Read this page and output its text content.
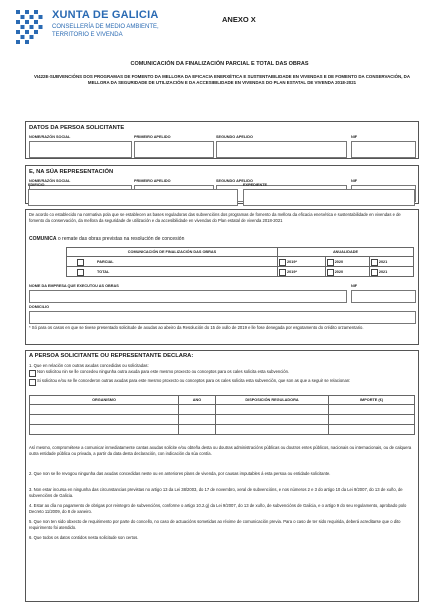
XUNTA DE GALICIA
CONSELLERÍA DE MEDIO AMBIENTE,
TERRITORIO E VIVENDA
ANEXO X
COMUNICACIÓN DA FINALIZACIÓN PARCIAL E TOTAL DAS OBRAS
VI422E-SUBVENCIÓNS DOS PROGRAMAS DE FOMENTO DA MELLORA DA EFICACIA ENERXÉTICA E SUSTENTABILIDADE EN VIVENDAS E DE FOMENTO DA CONSERVACIÓN, DA MELLORA DA SEGURIDADE DE UTILIZACIÓN E DA ACCESIBILIDADE EN VIVENDAS DO PLAN ESTATAL DE VIVENDA 2018-2021
DATOS DA PERSOA SOLICITANTE
NOME/RAZÓN SOCIAL	PRIMEIRO APELIDO	SEGUNDO APELIDO	NIF
E, NA SÚA REPRESENTACIÓN
NOME/RAZÓN SOCIAL	PRIMEIRO APELIDO	SEGUNDO APELIDO	NIF
EDIFICIO	EXPEDIENTE
De acordo co establecido na normativa pola que se establecen as bases reguladoras das subvencións dos programas de fomento da mellora da eficacia enerxética e sustentabilidade en vivendas e de fomento da conservación, da mellora da seguridade de utilización e da accesibilidade en vivendas do Plan estatal de vivenda 2018-2021
COMUNICA o remate das obras previstas na resolución de concesión
COMUNICACIÓN DE FINALIZACIÓN DAS OBRAS	ANUALIDADE		

PARCIAL	2019*	2020	2021

TOTAL	2019*	2020	2021
NOME DA EMPRESA QUE EXECUTOU AS OBRAS	NIF
DOMICILIO
* Só para os casos en que se tivese presentado solicitude de axudas ao abeiro da Resolución do 15 de xullo de 2019 e lle fose denegada por esgotamento do crédito orzamentario.
A PERSOA SOLICITANTE OU REPRESENTANTE DECLARA:
1. Que en relación con outras axudas concedidas ou solicitadas:
Non solicitou nin se lle concedeu ningunha outra axuda para este mesmo proxecto ou conceptos para os cales solicita esta subvención.
Si solicitou e/ou se lle concederon outras axudas para este mesmo proxecto ou conceptos para os cales solicita esta subvención, que son as que a seguir se relacionan:
ORGANISMO	ANO	DISPOSICIÓN REGULADORA	IMPORTE (€)

Así mesmo, comprométese a comunicar inmediatamente cantas axudas solicite e/ou obteña desta ou doutras administracións públicas ou doutros entes públicos, nacionais ou internacionais, ou de calquera outra entidade pública ou privada, a partir da data desta declaración, con indicación da súa contía.
2. Que non se lle revogou ningunha das axudas concedidas neste ou en anteriores plans de vivenda, por causas imputables á esta persoa ou entidade solicitante.
3. Non estar incursa en ningunha das circunstancias previstas no artigo 13 da Lei 38/2003, do 17 de novembro, xeral de subvencións, e nos números 2 e 3 do artigo 10 da Lei 9/2007, do 13 de xuño, de subvencións de Galicia.
4. Estar ao día no pagamento de obrigas por reintegro de subvencións, conforme o artigo 10.2.g) da Lei 9/2007, do 13 de xuño, de subvencións de Galicia, e o artigo 9 do seu regulamento, aprobado polo Decreto 11/2009, do 8 de xaneiro.
5. Que non ten sido obxecto de requirimento por parte do concello, no caso de actuacións sometidas ao réxime de comunicación previa. Para o caso de ter sido requirida, deberá acreditarse que o dito requirimento foi atendido.
6. Que todos os datos contidos nesta solicitude son certos.
